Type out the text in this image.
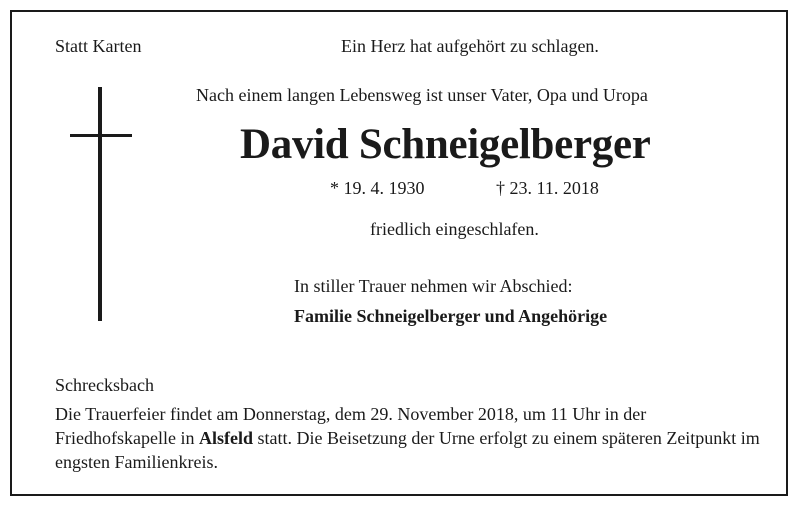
Statt Karten	Ein Herz hat aufgehört zu schlagen.
Nach einem langen Lebensweg ist unser Vater, Opa und Uropa
David Schneigelberger
* 19. 4. 1930	† 23. 11. 2018
friedlich eingeschlafen.
In stiller Trauer nehmen wir Abschied:
Familie Schneigelberger und Angehörige
Schrecksbach
Die Trauerfeier findet am Donnerstag, dem 29. November 2018, um 11 Uhr in der Friedhofskapelle in Alsfeld statt. Die Beisetzung der Urne erfolgt zu einem späteren Zeitpunkt im engsten Familienkreis.
